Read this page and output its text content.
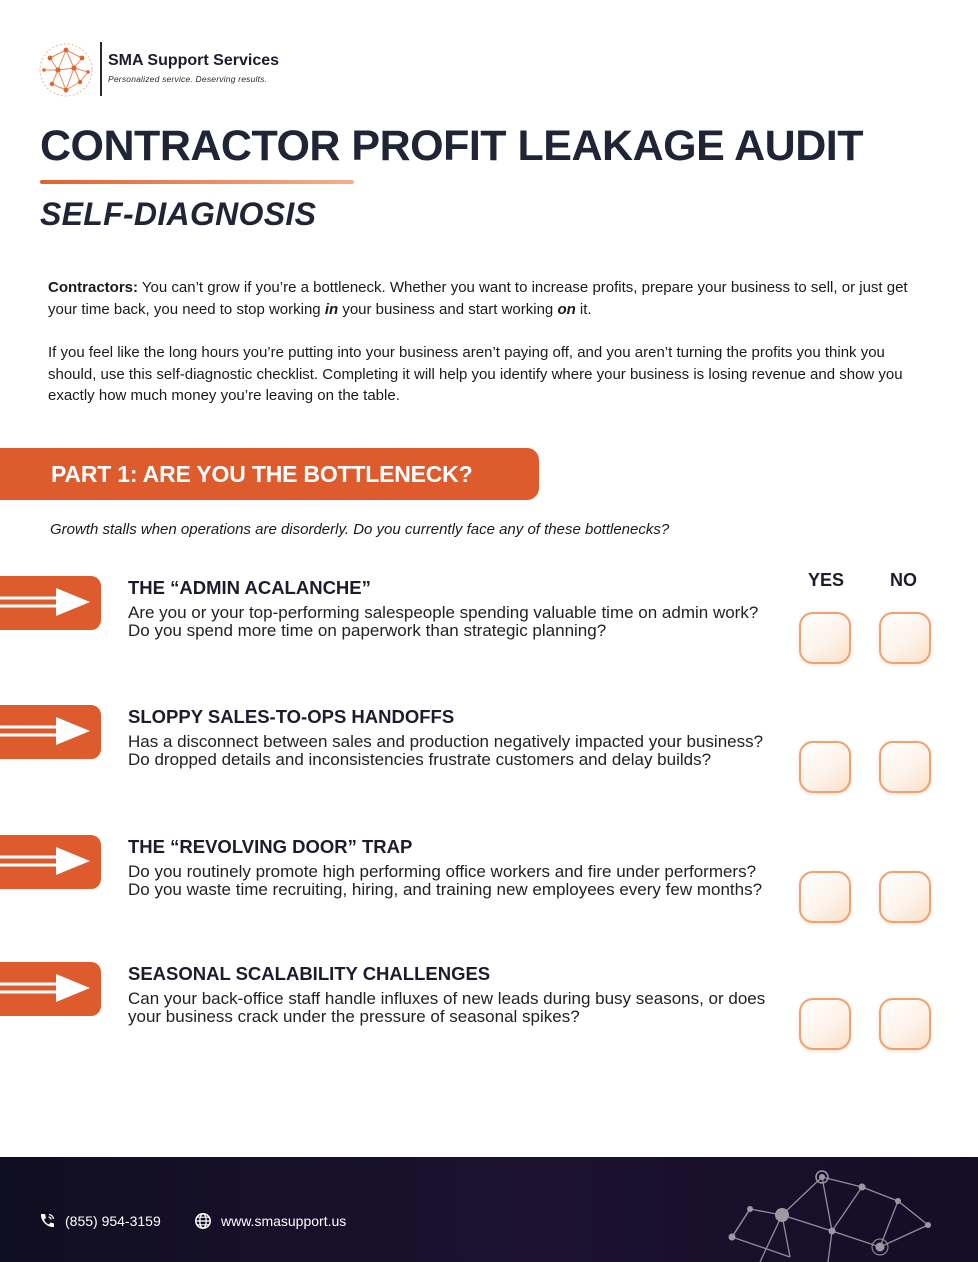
SMA Support Services
Personalized service. Deserving results.
CONTRACTOR PROFIT LEAKAGE AUDIT
SELF-DIAGNOSIS

Contractors: You can’t grow if you’re a bottleneck. Whether you want to increase profits, prepare your business to sell, or just get your time back, you need to stop working in your business and start working on it.

If you feel like the long hours you’re putting into your business aren’t paying off, and you aren’t turning the profits you think you should, use this self-diagnostic checklist. Completing it will help you identify where your business is losing revenue and show you exactly how much money you’re leaving on the table.

PART 1: ARE YOU THE BOTTLENECK?

Growth stalls when operations are disorderly. Do you currently face any of these bottlenecks?

YES	NO
THE “ADMIN ACALANCHE”
Are you or your top-performing salespeople spending valuable time on admin work? Do you spend more time on paperwork than strategic planning?
SLOPPY SALES-TO-OPS HANDOFFS
Has a disconnect between sales and production negatively impacted your business? Do dropped details and inconsistencies frustrate customers and delay builds?
THE “REVOLVING DOOR” TRAP
Do you routinely promote high performing office workers and fire under performers? Do you waste time recruiting, hiring, and training new employees every few months?
SEASONAL SCALABILITY CHALLENGES
Can your back-office staff handle influxes of new leads during busy seasons, or does your business crack under the pressure of seasonal spikes?
(855) 954-3159	www.smasupport.us
